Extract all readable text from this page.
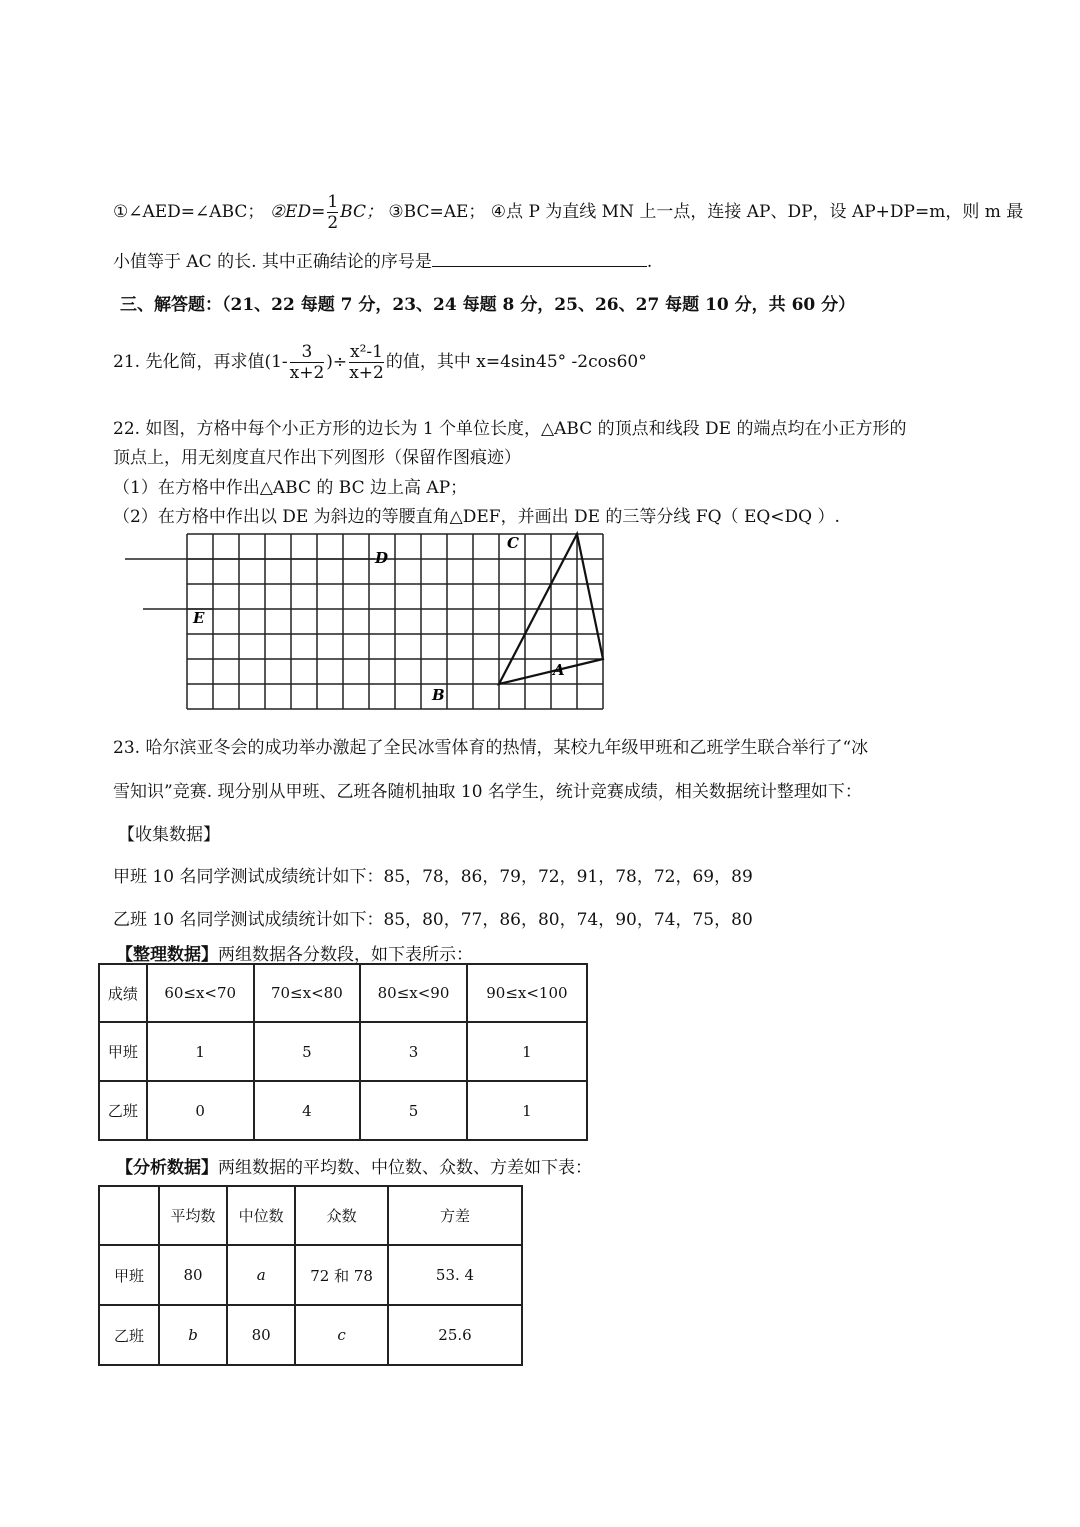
①∠AED=∠ABC； ②ED= $\frac{1}{2}$ BC； ③BC=AE； ④点 P 为直线 MN 上一点，连接 AP、DP，设 AP+DP=m，则 m 最
小值等于 AC 的长. 其中正确结论的序号是	.
三、解答题：（21、22 每题 7 分，23、24 每题 8 分，25、26、27 每题 10 分，共 60 分）
21. 先化简，再求值($1- \frac{3}{x+2}$ )÷ $\frac{\text{x²-1}}{x+2}$ 的值，其中 x=4sin45° -2cos60°
22. 如图，方格中每个小正方形的边长为 1 个单位长度，△ABC 的顶点和线段 DE 的端点均在小正方形的
顶点上，用无刻度直尺作出下列图形（保留作图痕迹）
（1）在方格中作出△ABC 的 BC 边上高 AP；
（2）在方格中作出以 DE 为斜边的等腰直角△DEF，并画出 DE 的三等分线 FQ（ EQ<DQ ）.
C
A
B
D
E
23. 哈尔滨亚冬会的成功举办激起了全民冰雪体育的热情，某校九年级甲班和乙班学生联合举行了“冰
雪知识”竞赛. 现分别从甲班、乙班各随机抽取 10 名学生，统计竞赛成绩，相关数据统计整理如下：
【收集数据】
甲班 10 名同学测试成绩统计如下：85，78，86，79，72，91，78，72，69，89
乙班 10 名同学测试成绩统计如下：85，80，77，86，80，74，90，74，75，80
【整理数据】两组数据各分数段，如下表所示：
成绩	60≤x<70	70≤x<80	80≤x<90	90≤x<100
甲班	1	5	3	1
乙班	0	4	5	1
【分析数据】两组数据的平均数、中位数、众数、方差如下表：
	平均数	中位数	众数	方差
甲班	80	a	72 和 78	53. 4
乙班	b	80	c	25.6
